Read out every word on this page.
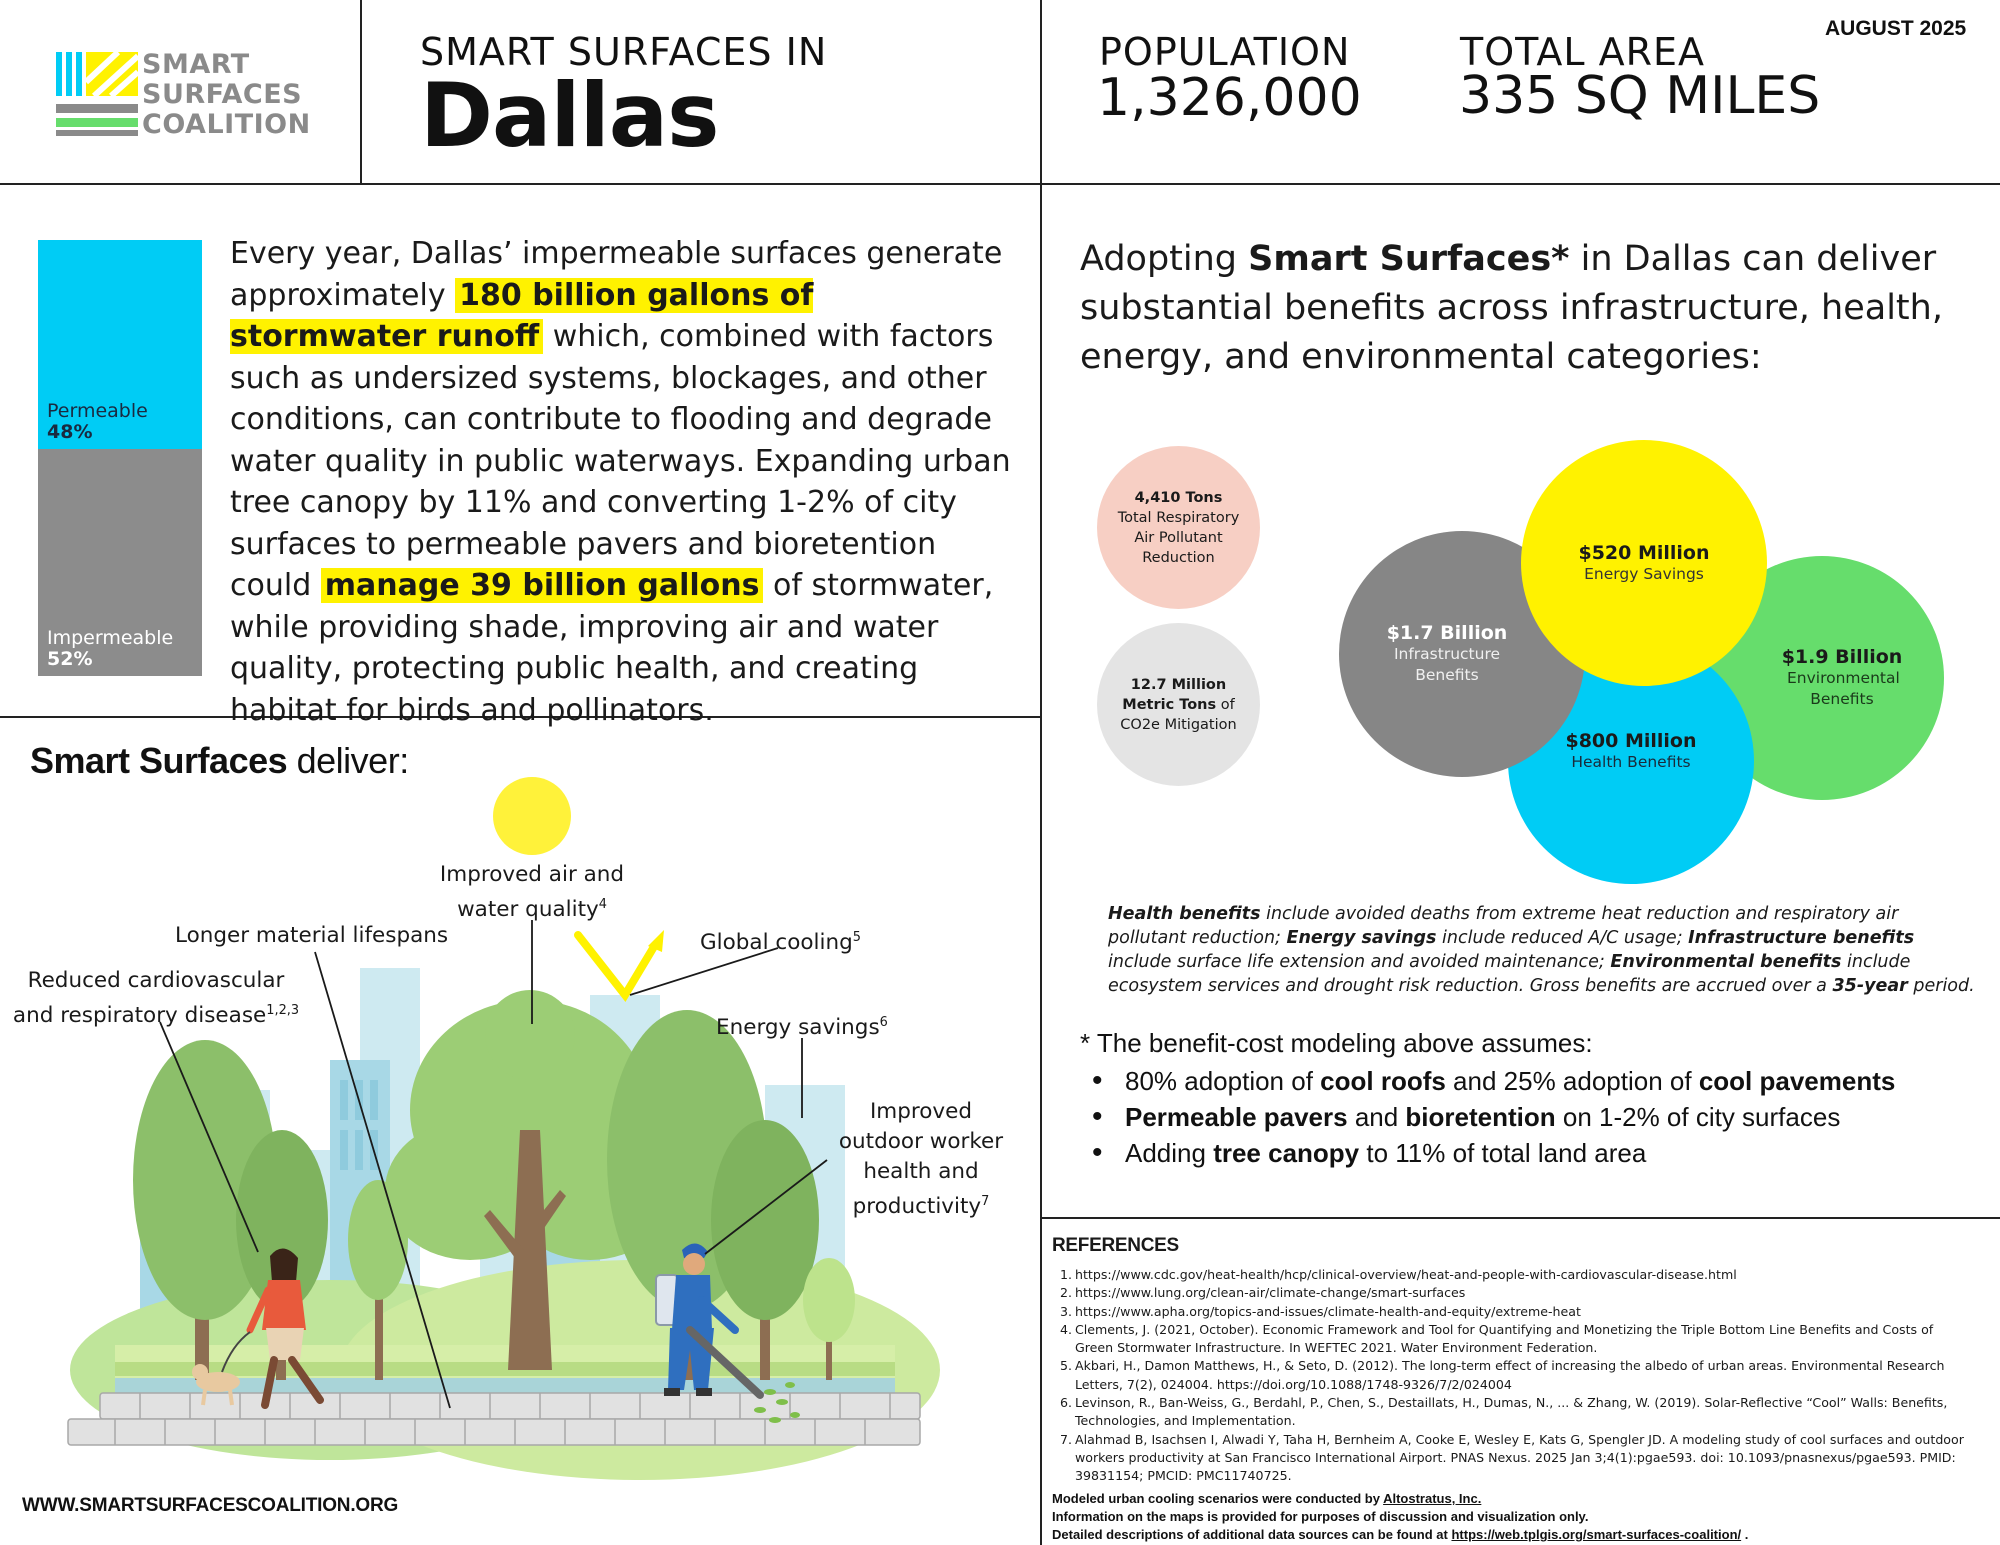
SMART
SURFACES
COALITION
SMART SURFACES IN
Dallas
POPULATION
1,326,000
TOTAL AREA
335 SQ MILES
AUGUST 2025
Permeable
48%
Impermeable
52%
Every year, Dallas’ impermeable surfaces generate approximately 180 billion gallons of stormwater runoff which, combined with factors such as undersized systems, blockages, and other conditions, can contribute to flooding and degrade water quality in public waterways. Expanding urban tree canopy by 11% and converting 1-2% of city surfaces to permeable pavers and bioretention could manage 39 billion gallons of stormwater, while providing shade, improving air and water quality, protecting public health, and creating habitat for birds and pollinators.
Smart Surfaces deliver:
Improved air and
water quality$^4$
Longer material lifespans	Global cooling$^5$
Reduced cardiovascular
and respiratory disease$^{1,2,3}$
Energy savings$^6$
Improved
outdoor worker
health and
productivity$^7$
WWW.SMARTSURFACESCOALITION.ORG
Adopting Smart Surfaces* in Dallas can deliver substantial benefits across infrastructure, health, energy, and environmental categories:
4,410 Tons
Total Respiratory Air Pollutant Reduction
12.7 Million Metric Tons of
CO2e Mitigation
$1.9 Billion
Environmental Benefits
$800 Million
Health Benefits
$1.7 Billion
Infrastructure Benefits
$520 Million
Energy Savings
Health benefits include avoided deaths from extreme heat reduction and respiratory air pollutant reduction; Energy savings include reduced A/C usage; Infrastructure benefits include surface life extension and avoided maintenance; Environmental benefits include ecosystem services and drought risk reduction. Gross benefits are accrued over a 35-year period.
* The benefit-cost modeling above assumes:
• 80% adoption of cool roofs and 25% adoption of cool pavements
• Permeable pavers and bioretention on 1-2% of city surfaces
• Adding tree canopy to 11% of total land area
REFERENCES
1. https://www.cdc.gov/heat-health/hcp/clinical-overview/heat-and-people-with-cardiovascular-disease.html
2. https://www.lung.org/clean-air/climate-change/smart-surfaces
3. https://www.apha.org/topics-and-issues/climate-health-and-equity/extreme-heat
4. Clements, J. (2021, October). Economic Framework and Tool for Quantifying and Monetizing the Triple Bottom Line Benefits and Costs of Green Stormwater Infrastructure. In WEFTEC 2021. Water Environment Federation.
5. Akbari, H., Damon Matthews, H., & Seto, D. (2012). The long-term effect of increasing the albedo of urban areas. Environmental Research Letters, 7(2), 024004. https://doi.org/10.1088/1748-9326/7/2/024004
6. Levinson, R., Ban-Weiss, G., Berdahl, P., Chen, S., Destaillats, H., Dumas, N., ... & Zhang, W. (2019). Solar-Reflective “Cool” Walls: Benefits, Technologies, and Implementation.
7. Alahmad B, Isachsen I, Alwadi Y, Taha H, Bernheim A, Cooke E, Wesley E, Kats G, Spengler JD. A modeling study of cool surfaces and outdoor workers productivity at San Francisco International Airport. PNAS Nexus. 2025 Jan 3;4(1):pgae593. doi: 10.1093/pnasnexus/pgae593. PMID: 39831154; PMCID: PMC11740725.
Modeled urban cooling scenarios were conducted by Altostratus, Inc.
Information on the maps is provided for purposes of discussion and visualization only.
Detailed descriptions of additional data sources can be found at https://web.tplgis.org/smart-surfaces-coalition/ .
